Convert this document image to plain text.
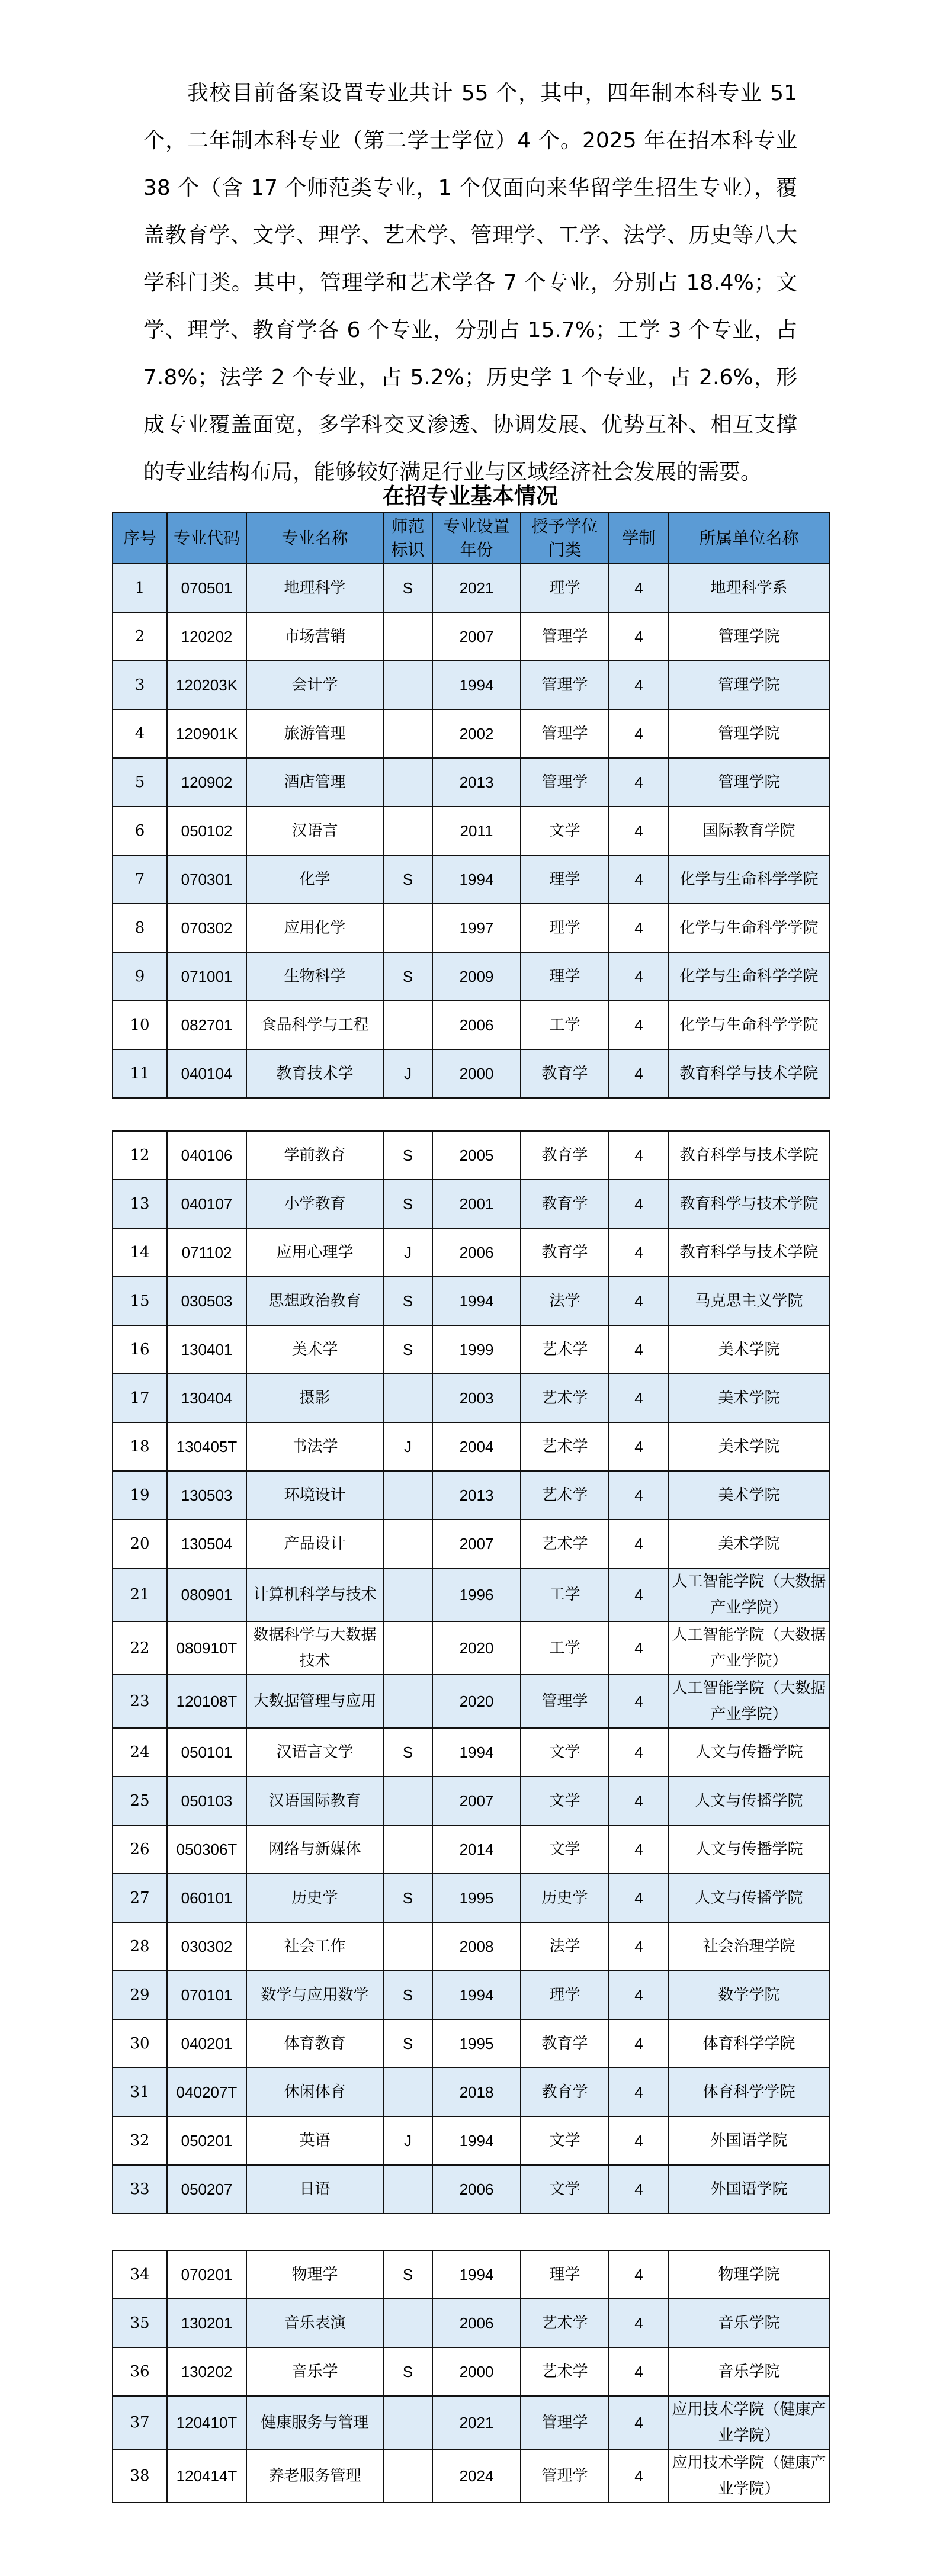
我校目前备案设置专业共计 55 个，其中，四年制本科专业 51 个，二年制本科专业（第二学士学位）4 个。2025 年在招本科专业 38 个（含 17 个师范类专业，1 个仅面向来华留学生招生专业），覆盖教育学、文学、理学、艺术学、管理学、工学、法学、历史等八大学科门类。其中，管理学和艺术学各 7 个专业，分别占 18.4%；文学、理学、教育学各 6 个专业，分别占 15.7%；工学 3 个专业，占 7.8%；法学 2 个专业，占 5.2%；历史学 1 个专业，占 2.6%，形成专业覆盖面宽，多学科交叉渗透、协调发展、优势互补、相互支撑的专业结构布局，能够较好满足行业与区域经济社会发展的需要。

在招专业基本情况
序号	专业代码	专业名称	师范标识	专业设置年份	授予学位门类	学制	所属单位名称
1	070501	地理科学	S	2021	理学	4	地理科学系
2	120202	市场营销		2007	管理学	4	管理学院
3	120203K	会计学		1994	管理学	4	管理学院
4	120901K	旅游管理		2002	管理学	4	管理学院
5	120902	酒店管理		2013	管理学	4	管理学院
6	050102	汉语言		2011	文学	4	国际教育学院
7	070301	化学	S	1994	理学	4	化学与生命科学学院
8	070302	应用化学		1997	理学	4	化学与生命科学学院
9	071001	生物科学	S	2009	理学	4	化学与生命科学学院
10	082701	食品科学与工程		2006	工学	4	化学与生命科学学院
11	040104	教育技术学	J	2000	教育学	4	教育科学与技术学院
12	040106	学前教育	S	2005	教育学	4	教育科学与技术学院
13	040107	小学教育	S	2001	教育学	4	教育科学与技术学院
14	071102	应用心理学	J	2006	教育学	4	教育科学与技术学院
15	030503	思想政治教育	S	1994	法学	4	马克思主义学院
16	130401	美术学	S	1999	艺术学	4	美术学院
17	130404	摄影		2003	艺术学	4	美术学院
18	130405T	书法学	J	2004	艺术学	4	美术学院
19	130503	环境设计		2013	艺术学	4	美术学院
20	130504	产品设计		2007	艺术学	4	美术学院
21	080901	计算机科学与技术		1996	工学	4	人工智能学院（大数据产业学院）
22	080910T	数据科学与大数据技术		2020	工学	4	人工智能学院（大数据产业学院）
23	120108T	大数据管理与应用		2020	管理学	4	人工智能学院（大数据产业学院）
24	050101	汉语言文学	S	1994	文学	4	人文与传播学院
25	050103	汉语国际教育		2007	文学	4	人文与传播学院
26	050306T	网络与新媒体		2014	文学	4	人文与传播学院
27	060101	历史学	S	1995	历史学	4	人文与传播学院
28	030302	社会工作		2008	法学	4	社会治理学院
29	070101	数学与应用数学	S	1994	理学	4	数学学院
30	040201	体育教育	S	1995	教育学	4	体育科学学院
31	040207T	休闲体育		2018	教育学	4	体育科学学院
32	050201	英语	J	1994	文学	4	外国语学院
33	050207	日语		2006	文学	4	外国语学院
34	070201	物理学	S	1994	理学	4	物理学院
35	130201	音乐表演		2006	艺术学	4	音乐学院
36	130202	音乐学	S	2000	艺术学	4	音乐学院
37	120410T	健康服务与管理		2021	管理学	4	应用技术学院（健康产业学院）
38	120414T	养老服务管理		2024	管理学	4	应用技术学院（健康产业学院）
